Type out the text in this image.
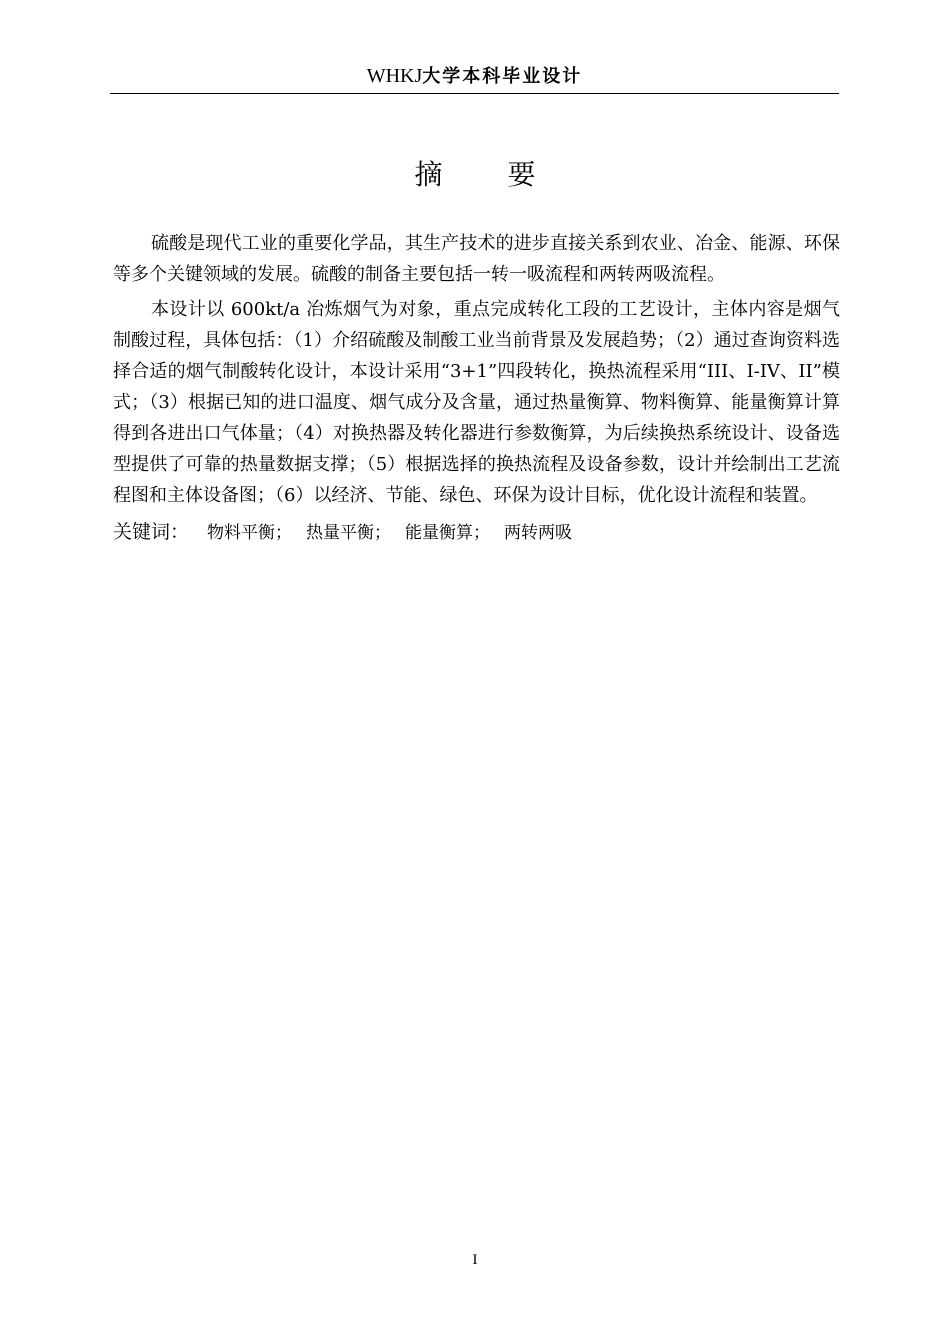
WHKJ大学本科毕业设计
摘 要

硫酸是现代工业的重要化学品，其生产技术的进步直接关系到农业、冶金、能源、环保等多个关键领域的发展。硫酸的制备主要包括一转一吸流程和两转两吸流程。

本设计以 600kt/a 冶炼烟气为对象，重点完成转化工段的工艺设计，主体内容是烟气制酸过程，具体包括：（1）介绍硫酸及制酸工业当前背景及发展趋势；（2）通过查询资料选择合适的烟气制酸转化设计，本设计采用“3+1”四段转化，换热流程采用“III、I-IV、II”模式；（3）根据已知的进口温度、烟气成分及含量，通过热量衡算、物料衡算、能量衡算计算得到各进出口气体量；（4）对换热器及转化器进行参数衡算，为后续换热系统设计、设备选型提供了可靠的热量数据支撑；（5）根据选择的换热流程及设备参数，设计并绘制出工艺流程图和主体设备图；（6）以经济、节能、绿色、环保为设计目标，优化设计流程和装置。

关键词： 物料平衡； 热量平衡； 能量衡算； 两转两吸
I
